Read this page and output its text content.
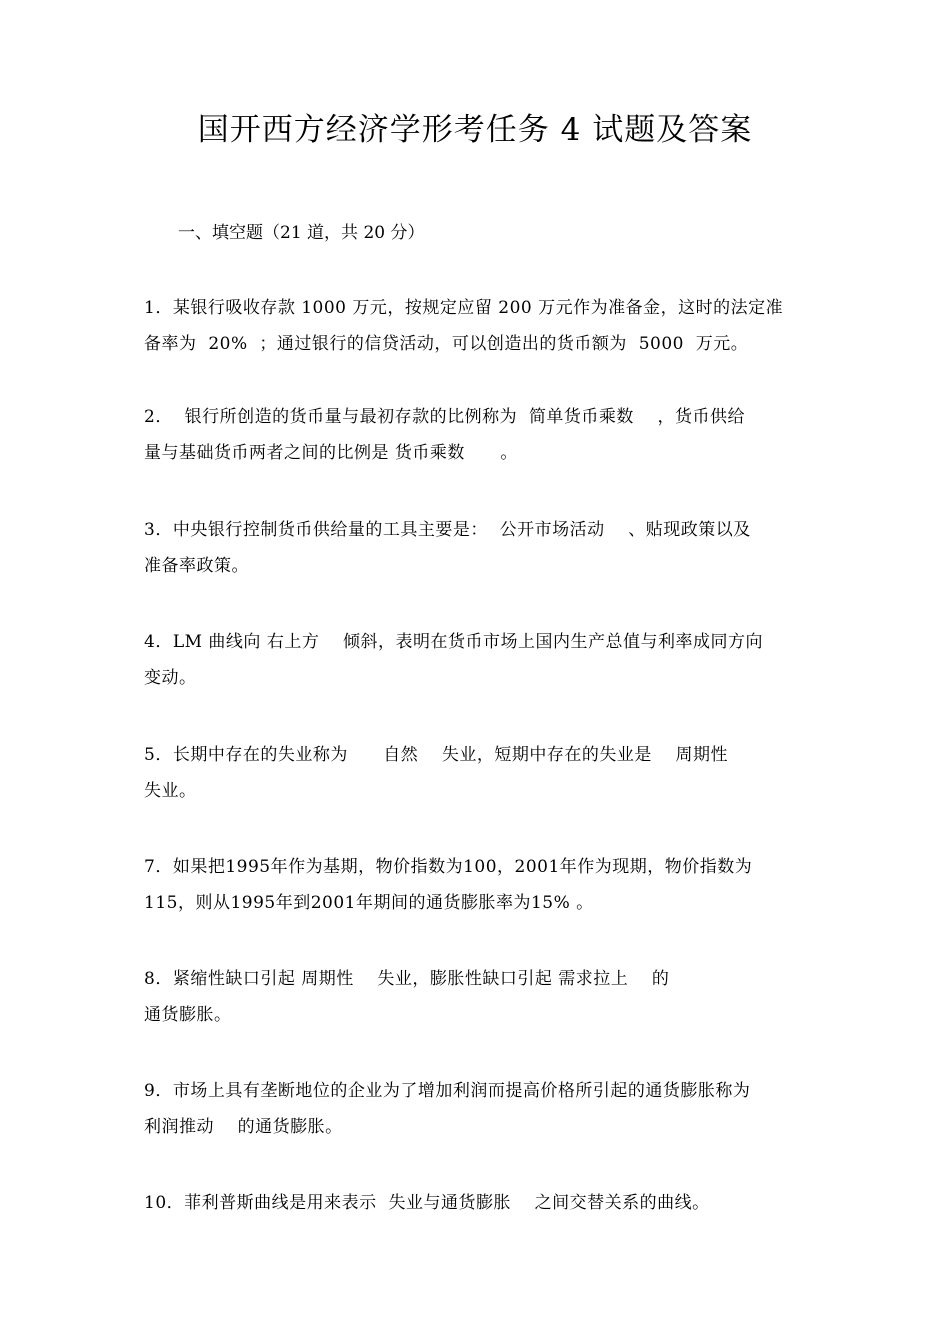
国开西方经济学形考任务 4 试题及答案
一、填空题（21 道，共 20 分）
1．某银行吸收存款 1000 万元，按规定应留 200 万元作为准备金，这时的法定准
备率为  20%  ；通过银行的信贷活动，可以创造出的货币额为  5000  万元。
2．  银行所创造的货币量与最初存款的比例称为  简单货币乘数    ，货币供给
量与基础货币两者之间的比例是 货币乘数      。
3．中央银行控制货币供给量的工具主要是：  公开市场活动    、贴现政策以及
准备率政策。
4．LM 曲线向 右上方    倾斜，表明在货币市场上国内生产总值与利率成同方向
变动。
5．长期中存在的失业称为      自然    失业，短期中存在的失业是    周期性
失业。
7．如果把1995年作为基期，物价指数为100，2001年作为现期，物价指数为
115，则从1995年到2001年期间的通货膨胀率为15% 。
8．紧缩性缺口引起 周期性    失业，膨胀性缺口引起 需求拉上    的
通货膨胀。
9．市场上具有垄断地位的企业为了增加利润而提高价格所引起的通货膨胀称为
利润推动    的通货膨胀。
10．菲利普斯曲线是用来表示  失业与通货膨胀    之间交替关系的曲线。
